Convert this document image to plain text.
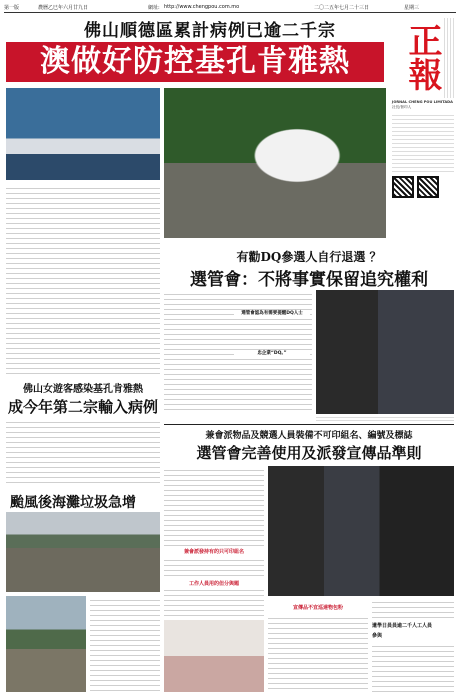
第一版	農曆乙巳年六月廿九日	網址: http://www.chengpou.com.mo	二〇二五年七月二十三日	星期三
佛山順德區累計病例已逾二千宗
澳做好防控基孔肯雅熱	正報
JORNAL CHENG POU LIMITADA
社長/督印人
有勸DQ參選人自行退選 ？
選管會：不將事實保留追究權利
選管會認為有需要提醒DQ人士
忠企業“DQ。”
佛山女遊客感染基孔肯雅熱
成今年第二宗輸入病例
颱風後海灘垃圾急增
兼會派物品及競選人員裝備不可印組名、編號及標誌
選管會完善使用及派發宣傳品準則
兼會派發持有的只可印組名
工作人員用的但分與題
宣傳品不宜巡達物包粉
遺學日員員逾二千人工人員
參與
